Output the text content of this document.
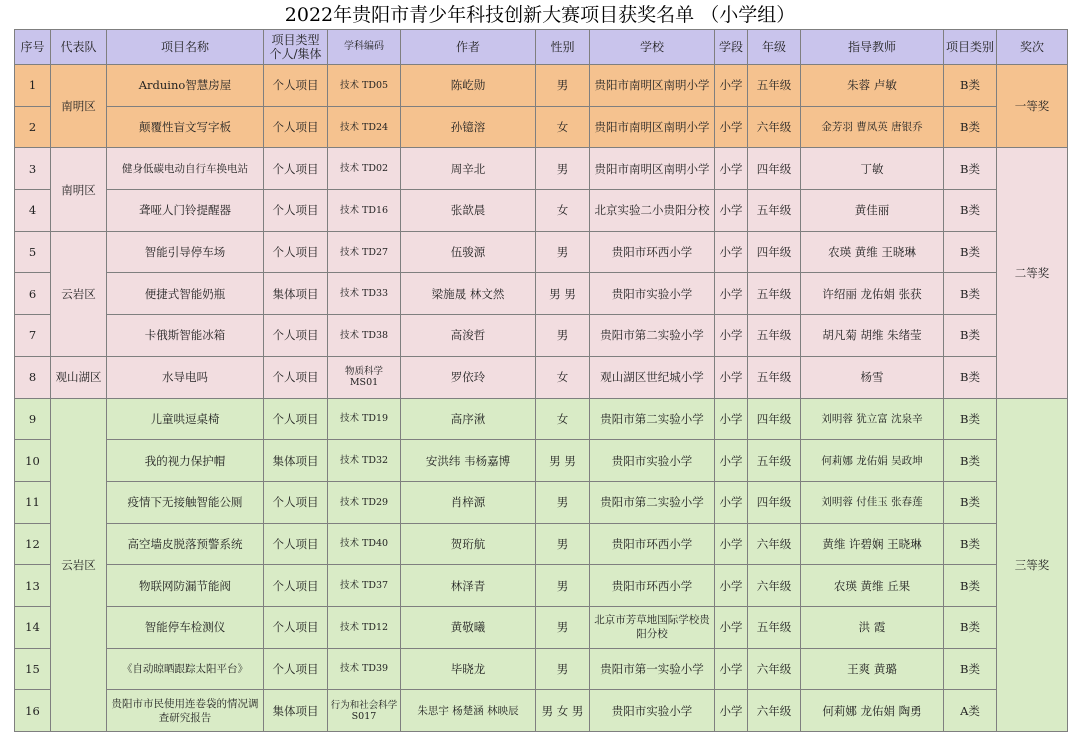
2022年贵阳市青少年科技创新大赛项目获奖名单 （小学组）
序号	代表队	项目名称	项目类型 个人/集体	学科编码	作者	性别	学校	学段	年级	指导教师	项目类别	奖次
1	南明区	Arduino智慧房屋	个人项目	技术 TD05	陈屹勋	男	贵阳市南明区南明小学	小学	五年级	朱蓉 卢敏	B类	一等奖
2		颠覆性盲文写字板	个人项目	技术 TD24	孙镱溶	女	贵阳市南明区南明小学	小学	六年级	金芳羽 曹凤英 唐银乔	B类	
3	南明区	健身低碳电动自行车换电站	个人项目	技术 TD02	周辛北	男	贵阳市南明区南明小学	小学	四年级	丁敏	B类	二等奖
4		聋哑人门铃提醒器	个人项目	技术 TD16	张歆晨	女	北京实验二小贵阳分校	小学	五年级	黄佳丽	B类	
5	云岩区	智能引导停车场	个人项目	技术 TD27	伍骏源	男	贵阳市环西小学	小学	四年级	农瑛 黄维 王晓琳	B类	
6		便捷式智能奶瓶	集体项目	技术 TD33	梁施晟 林文然	男 男	贵阳市实验小学	小学	五年级	许绍丽 龙佑娟 张获	B类	
7		卡俄斯智能冰箱	个人项目	技术 TD38	高浚哲	男	贵阳市第二实验小学	小学	五年级	胡凡菊 胡维 朱绪莹	B类	
8	观山湖区	水导电吗	个人项目	物质科学 MS01	罗依玲	女	观山湖区世纪城小学	小学	五年级	杨雪	B类	
9	云岩区	儿童哄逗桌椅	个人项目	技术 TD19	高序湫	女	贵阳市第二实验小学	小学	四年级	刘明蓉 犹立富 沈泉辛	B类	三等奖
10		我的视力保护帽	集体项目	技术 TD32	安洪纬 韦杨嘉博	男 男	贵阳市实验小学	小学	五年级	何莉娜 龙佑娟 吴政坤	B类	
11		疫情下无接触智能公厕	个人项目	技术 TD29	肖梓源	男	贵阳市第二实验小学	小学	四年级	刘明蓉 付佳玉 张春莲	B类	
12		高空墙皮脱落预警系统	个人项目	技术 TD40	贺珩航	男	贵阳市环西小学	小学	六年级	黄维 许碧娴 王晓琳	B类	
13		物联网防漏节能阀	个人项目	技术 TD37	林泽青	男	贵阳市环西小学	小学	六年级	农瑛 黄维 丘果	B类	
14		智能停车检测仪	个人项目	技术 TD12	黄敬曦	男	北京市芳草地国际学校贵阳分校	小学	五年级	洪 霞	B类	
15		《自动晾晒跟踪太阳平台》	个人项目	技术 TD39	毕晓龙	男	贵阳市第一实验小学	小学	六年级	王爽 黄璐	B类	
16		贵阳市市民使用连卷袋的情况调查研究报告	集体项目	行为和社会科学 S017	朱思宇 杨楚涵 林映辰	男 女 男	贵阳市实验小学	小学	六年级	何莉娜 龙佑娟 陶勇	A类	
